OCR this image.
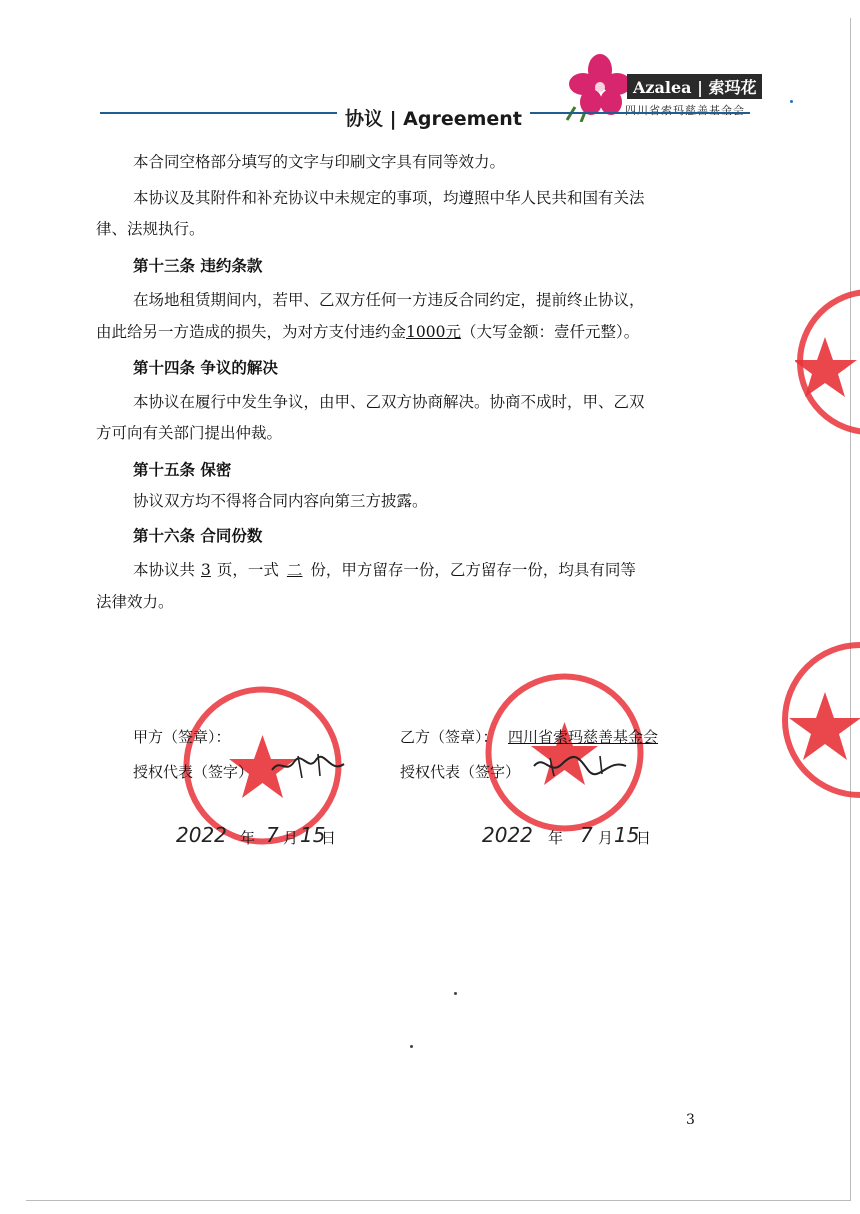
Azalea | 索玛花
四川省索玛慈善基金会
协议 | Agreement
本合同空格部分填写的文字与印刷文字具有同等效力。
本协议及其附件和补充协议中未规定的事项，均遵照中华人民共和国有关法
律、法规执行。
第十三条 违约条款
在场地租赁期间内，若甲、乙双方任何一方违反合同约定，提前终止协议，
由此给另一方造成的损失，为对方支付违约金1000元（大写金额：壹仟元整）。
第十四条 争议的解决
本协议在履行中发生争议，由甲、乙双方协商解决。协商不成时，甲、乙双
方可向有关部门提出仲裁。
第十五条 保密
协议双方均不得将合同内容向第三方披露。
第十六条 合同份数
本协议共 3 页，一式 二 份，甲方留存一份，乙方留存一份，均具有同等
法律效力。
甲方（签章）：
授权代表（签字）
2022 年 7 月 15
日
乙方（签章）： 四川省索玛慈善基金会
授权代表（签字）
2022 年 7 月 15
日
3
